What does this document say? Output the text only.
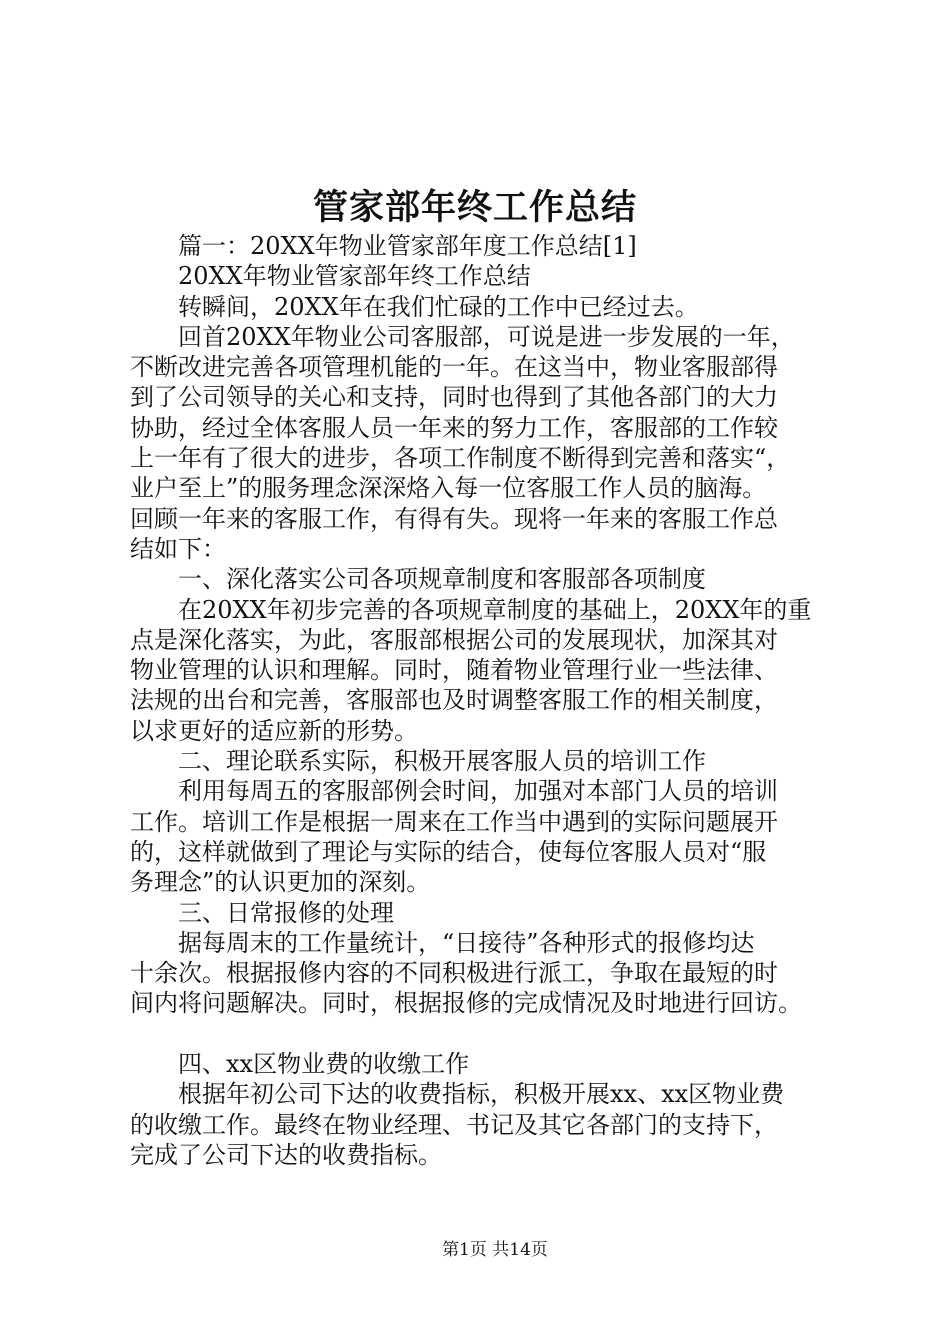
管家部年终工作总结

篇一：20XX年物业管家部年度工作总结[1]

20XX年物业管家部年终工作总结

转瞬间，20XX年在我们忙碌的工作中已经过去。

回首20XX年物业公司客服部，可说是进一步发展的一年，

不断改进完善各项管理机能的一年。在这当中，物业客服部得

到了公司领导的关心和支持，同时也得到了其他各部门的大力

协助，经过全体客服人员一年来的努力工作，客服部的工作较

上一年有了很大的进步，各项工作制度不断得到完善和落实“，

业户至上”的服务理念深深烙入每一位客服工作人员的脑海。

回顾一年来的客服工作，有得有失。现将一年来的客服工作总

结如下：

一、深化落实公司各项规章制度和客服部各项制度

在20XX年初步完善的各项规章制度的基础上，20XX年的重

点是深化落实，为此，客服部根据公司的发展现状，加深其对

物业管理的认识和理解。同时，随着物业管理行业一些法律、

法规的出台和完善，客服部也及时调整客服工作的相关制度，

以求更好的适应新的形势。

二、理论联系实际，积极开展客服人员的培训工作

利用每周五的客服部例会时间，加强对本部门人员的培训

工作。培训工作是根据一周来在工作当中遇到的实际问题展开

的，这样就做到了理论与实际的结合，使每位客服人员对“服

务理念”的认识更加的深刻。

三、日常报修的处理

据每周末的工作量统计，“日接待”各种形式的报修均达

十余次。根据报修内容的不同积极进行派工，争取在最短的时

间内将问题解决。同时，根据报修的完成情况及时地进行回访。

四、xx区物业费的收缴工作

根据年初公司下达的收费指标，积极开展xx、xx区物业费

的收缴工作。最终在物业经理、书记及其它各部门的支持下，

完成了公司下达的收费指标。

第1页 共14页
